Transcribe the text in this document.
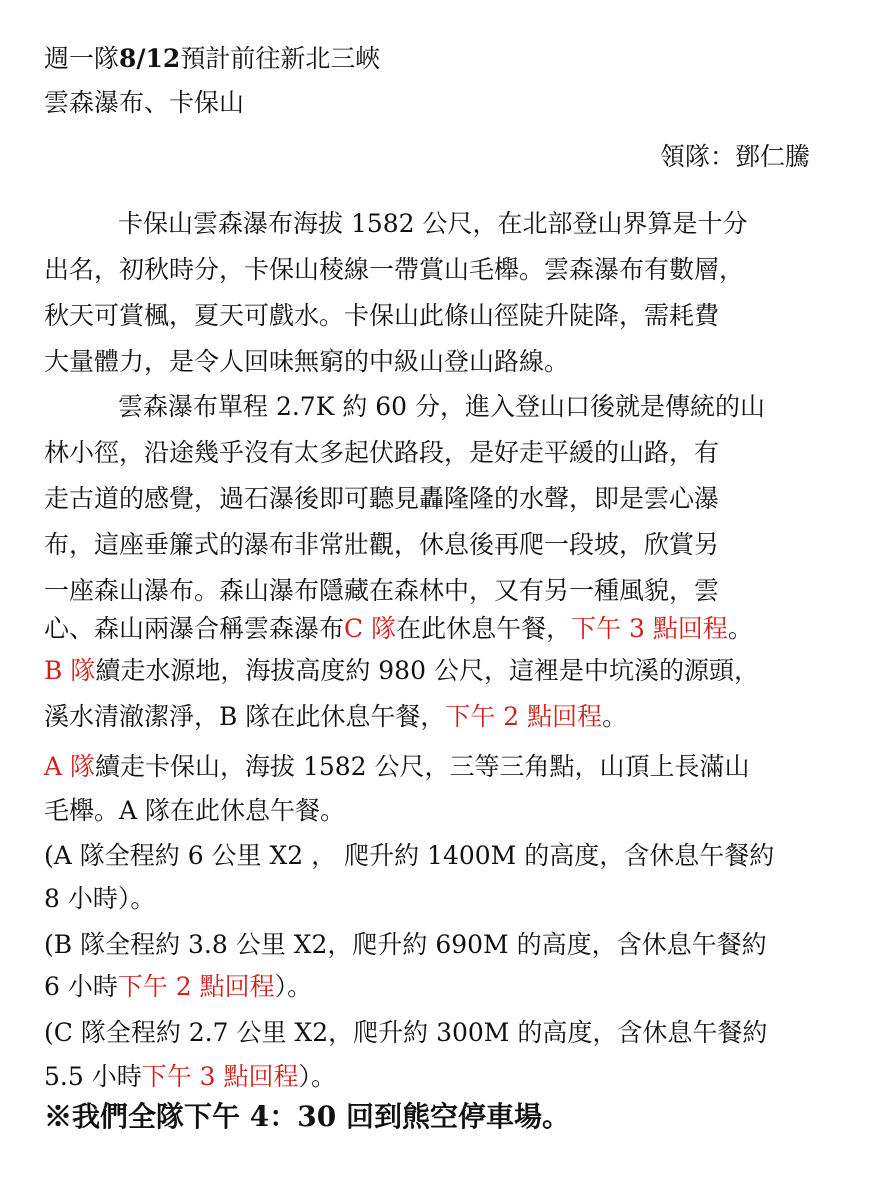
週一隊8/12預計前往新北三峽
雲森瀑布、卡保山
領隊：鄧仁騰
卡保山雲森瀑布海拔 1582 公尺，在北部登山界算是十分
出名，初秋時分，卡保山稜線一帶賞山毛櫸。雲森瀑布有數層，
秋天可賞楓，夏天可戲水。卡保山此條山徑陡升陡降，需耗費
大量體力，是令人回味無窮的中級山登山路線。
雲森瀑布單程 2.7K 約 60 分，進入登山口後就是傳統的山
林小徑，沿途幾乎沒有太多起伏路段，是好走平緩的山路，有
走古道的感覺，過石瀑後即可聽見轟隆隆的水聲，即是雲心瀑
布，這座垂簾式的瀑布非常壯觀，休息後再爬一段坡，欣賞另
一座森山瀑布。森山瀑布隱藏在森林中，又有另一種風貌，雲
心、森山兩瀑合稱雲森瀑布C 隊在此休息午餐，下午 3 點回程。
B 隊續走水源地，海拔高度約 980 公尺，這裡是中坑溪的源頭，
溪水清澈潔淨，B 隊在此休息午餐，下午 2 點回程。
A 隊續走卡保山，海拔 1582 公尺，三等三角點，山頂上長滿山
毛櫸。A 隊在此休息午餐。
(A 隊全程約 6 公里 X2 ， 爬升約 1400M 的高度，含休息午餐約
8 小時）。
(B 隊全程約 3.8 公里 X2，爬升約 690M 的高度，含休息午餐約
6 小時下午 2 點回程）。
(C 隊全程約 2.7 公里 X2，爬升約 300M 的高度，含休息午餐約
5.5 小時下午 3 點回程）。
※我們全隊下午 4：30 回到熊空停車場。
